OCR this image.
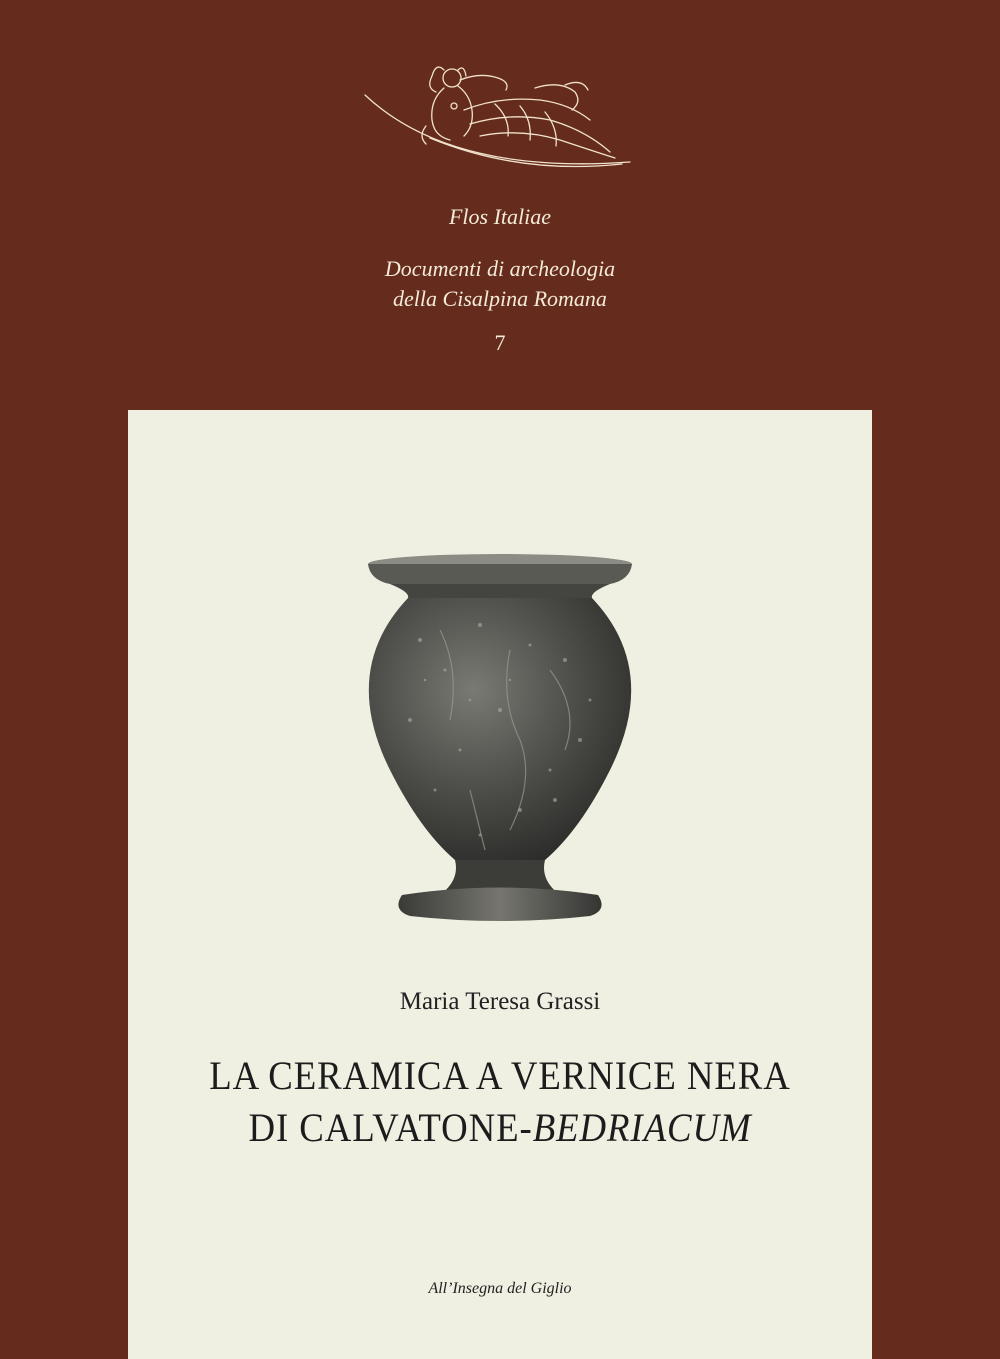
Flos Italiae
Documenti di archeologia
della Cisalpina Romana
7
Maria Teresa Grassi
LA CERAMICA A VERNICE NERA
DI CALVATONE-BEDRIACUM
All’Insegna del Giglio
